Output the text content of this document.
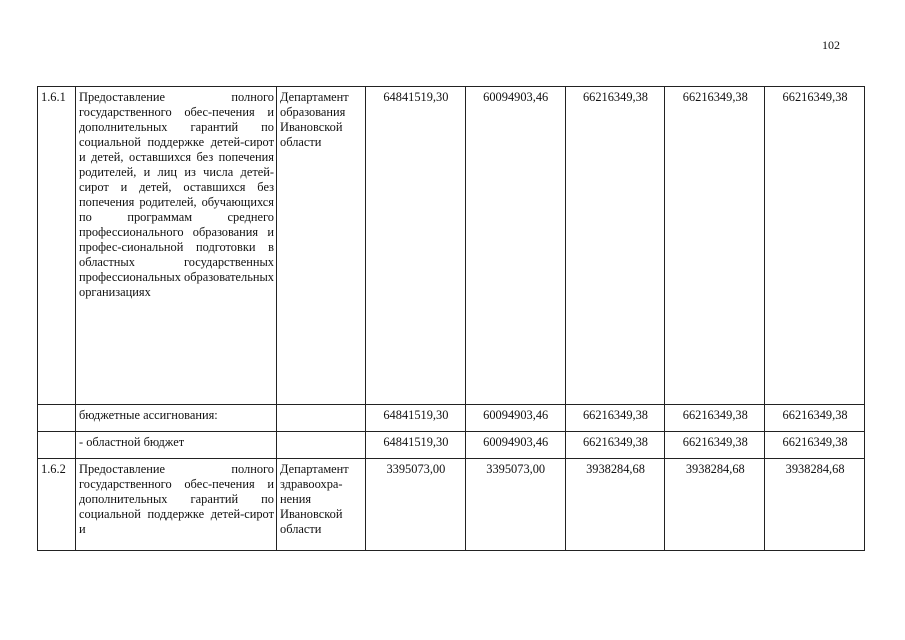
102
1.6.1	Предоставление полного государственного обес-печения и дополнительных гарантий по социальной поддержке детей-сирот и детей, оставшихся без попечения родителей, и лиц из числа детей-сирот и детей, оставшихся без попечения родителей, обучающихся по программам среднего профессионального образования и профес-сиональной подготовки в областных государственных профессиональных образовательных организациях	Департамент образования Ивановской области	64841519,30	60094903,46	66216349,38	66216349,38	66216349,38
	бюджетные ассигнования:		64841519,30	60094903,46	66216349,38	66216349,38	66216349,38
	- областной бюджет		64841519,30	60094903,46	66216349,38	66216349,38	66216349,38
1.6.2	Предоставление полного государственного обес-печения и дополнительных гарантий по социальной поддержке детей-сирот и	Департамент здравоохра-нения Ивановской области	3395073,00	3395073,00	3938284,68	3938284,68	3938284,68
